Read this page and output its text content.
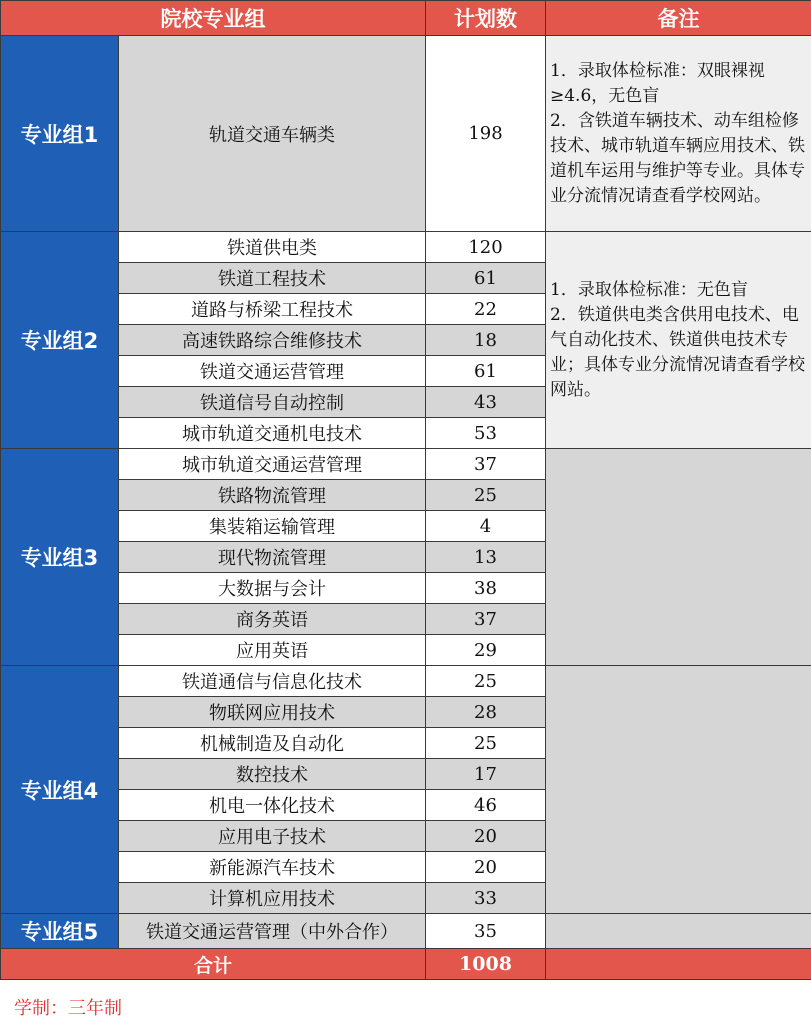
院校专业组		计划数	备注
专业组1	轨道交通车辆类	198	1．录取体检标准：双眼裸视≥4.6，无色盲
2．含铁道车辆技术、动车组检修技术、城市轨道车辆应用技术、铁道机车运用与维护等专业。具体专业分流情况请查看学校网站。
专业组2	铁道供电类	120	1．录取体检标准：无色盲
2．铁道供电类含供用电技术、电气自动化技术、铁道供电技术专业；具体专业分流情况请查看学校网站。
	铁道工程技术	61	
	道路与桥梁工程技术	22	
	高速铁路综合维修技术	18	
	铁道交通运营管理	61	
	铁道信号自动控制	43	
	城市轨道交通机电技术	53	
专业组3	城市轨道交通运营管理	37	
	铁路物流管理	25	
	集装箱运输管理	4	
	现代物流管理	13	
	大数据与会计	38	
	商务英语	37	
	应用英语	29	
专业组4	铁道通信与信息化技术	25	
	物联网应用技术	28	
	机械制造及自动化	25	
	数控技术	17	
	机电一体化技术	46	
	应用电子技术	20	
	新能源汽车技术	20	
	计算机应用技术	33	
专业组5	铁道交通运营管理（中外合作）	35	
合计		1008	
学制：三年制
高考直通车
